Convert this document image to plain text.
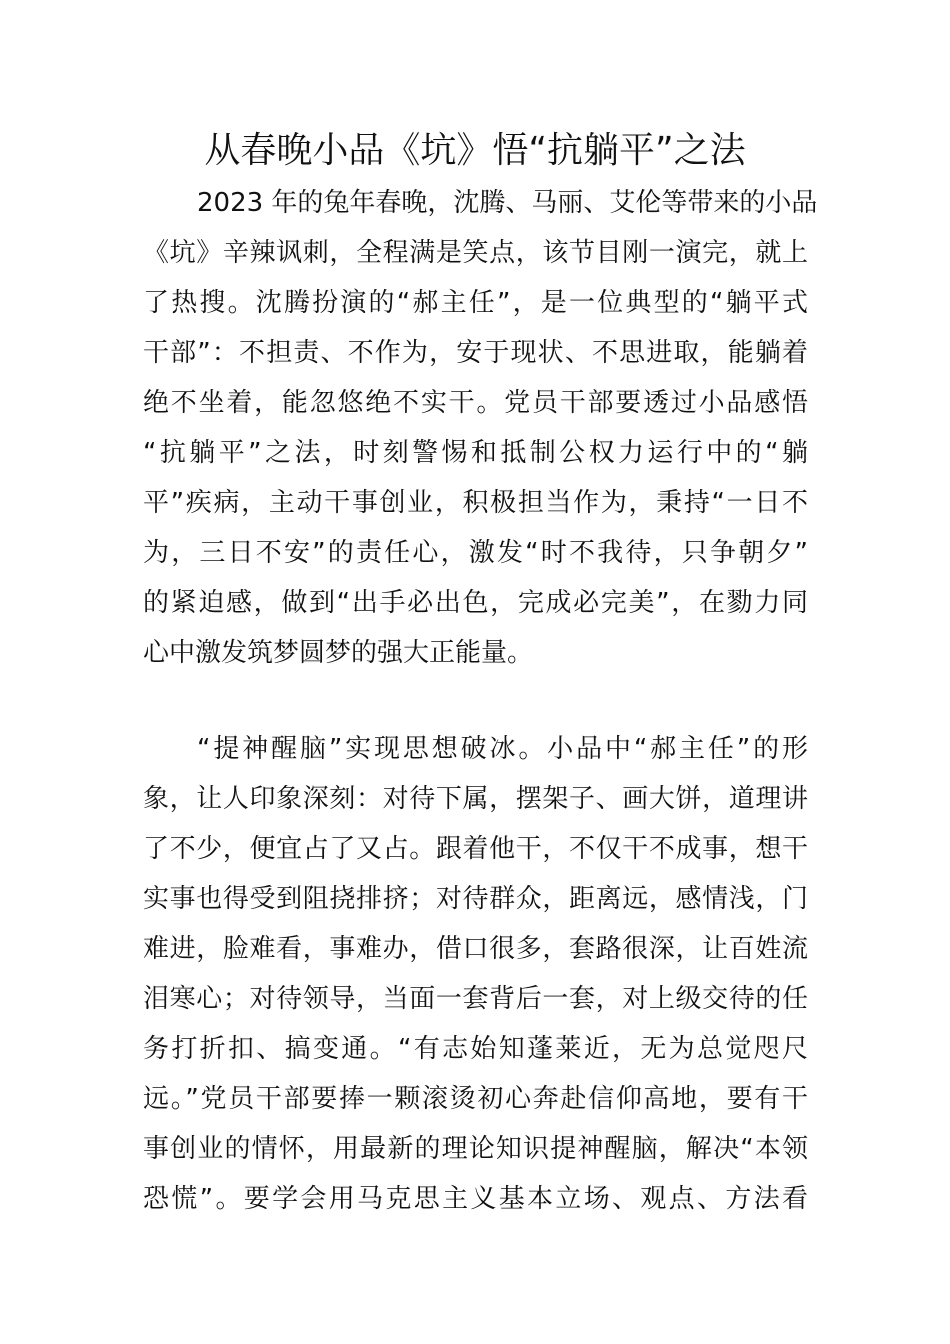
从春晚小品《坑》悟“抗躺平”之法
2023 年的兔年春晚，沈腾、马丽、艾伦等带来的小品
《坑》辛辣讽刺，全程满是笑点，该节目刚一演完，就上
了热搜。沈腾扮演的“郝主任”，是一位典型的“躺平式
干部”：不担责、不作为，安于现状、不思进取，能躺着
绝不坐着，能忽悠绝不实干。党员干部要透过小品感悟
“抗躺平”之法，时刻警惕和抵制公权力运行中的“躺
平”疾病，主动干事创业，积极担当作为，秉持“一日不
为，三日不安”的责任心，激发“时不我待，只争朝夕”
的紧迫感，做到“出手必出色，完成必完美”，在勠力同
心中激发筑梦圆梦的强大正能量。
“提神醒脑”实现思想破冰。小品中“郝主任”的形
象，让人印象深刻：对待下属，摆架子、画大饼，道理讲
了不少，便宜占了又占。跟着他干，不仅干不成事，想干
实事也得受到阻挠排挤；对待群众，距离远，感情浅，门
难进，脸难看，事难办，借口很多，套路很深，让百姓流
泪寒心；对待领导，当面一套背后一套，对上级交待的任
务打折扣、搞变通。“有志始知蓬莱近，无为总觉咫尺
远。”党员干部要捧一颗滚烫初心奔赴信仰高地，要有干
事创业的情怀，用最新的理论知识提神醒脑，解决“本领
恐慌”。要学会用马克思主义基本立场、观点、方法看
